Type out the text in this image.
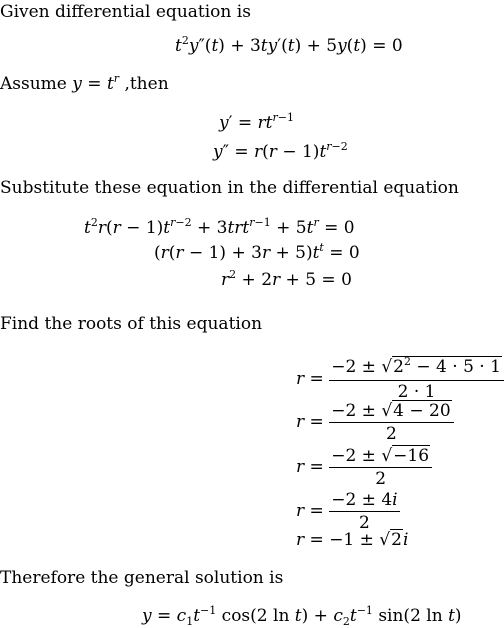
Given differential equation is
$t^2y''(t) + 3ty'(t) + 5y(t) = 0$
Assume $y = t^r$ ,then
$y' = rt^{r-1}$
$y'' = r(r - 1)t^{r-2}$
Substitute these equation in the differential equation
$t^2r(r - 1)t^{r-2} + 3trt^{r-1} + 5t^r = 0$
$(r(r - 1) + 3r + 5)t^t = 0$
$r^2 + 2r + 5 = 0$
Find the roots of this equation
$r = \frac{-2 \pm √2^2 - 4 \cdot 5 \cdot 1}{2 \cdot 1}$
$r = \frac{-2 \pm √4 - 20}{2}$
$r = \frac{-2 \pm √-16}{2}$
$r = \frac{-2 \pm 4i}{2}$
r = −1 ± √2i
Therefore the general solution is
$y = c_1t^{-1}$ cos(2 $\ln t) + c_2t^{-1}$ sin(2 ln t)
